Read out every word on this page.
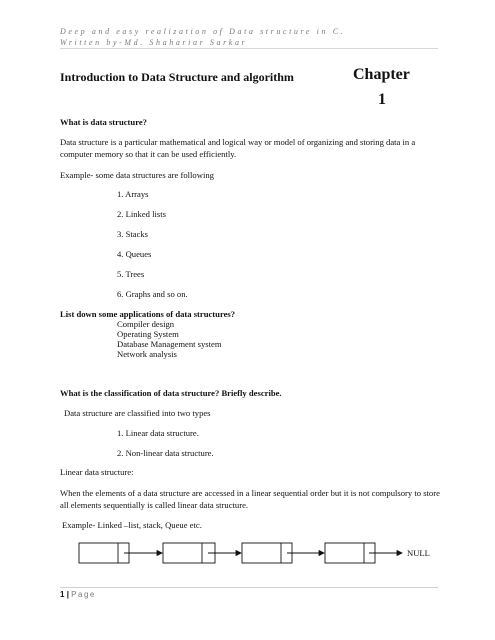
Deep and easy realization of Data structure in C.
Written by-Md. Shahariar Sarkar
Introduction to Data Structure and algorithm	Chapter
1
What is data structure?
Data structure is a particular mathematical and logical way or model of organizing and storing data in a computer memory so that it can be used efficiently.
Example- some data structures are following
1. Arrays
2. Linked lists
3. Stacks
4. Queues
5. Trees
6. Graphs and so on.
List down some applications of data structures?
Compiler design
Operating System
Database Management system
Network analysis
What is the classification of data structure? Briefly describe.
Data structure are classified into two types
1. Linear data structure.
2. Non-linear data structure.
Linear data structure:
When the elements of a data structure are accessed in a linear sequential order but it is not compulsory to store all elements sequentially is called linear data structure.
Example- Linked –list, stack, Queue etc.
NULL
1 | Page
